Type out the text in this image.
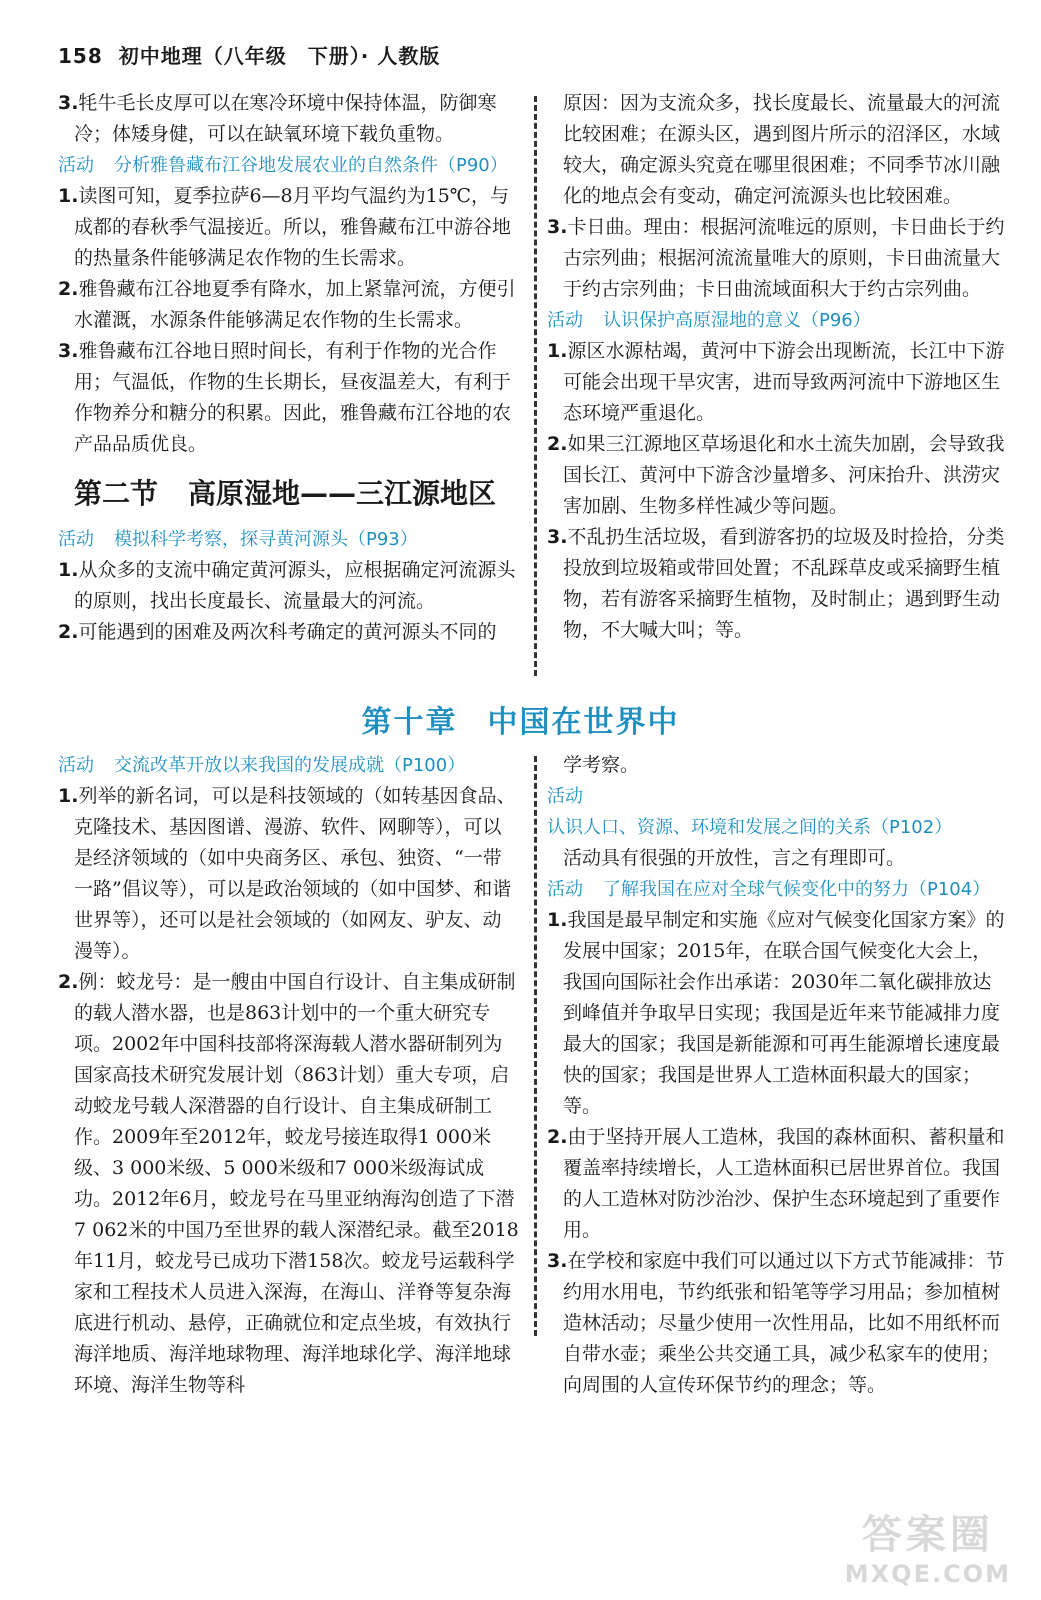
158 初中地理（八年级　下册）· 人教版

3.牦牛毛长皮厚可以在寒冷环境中保持体温，防御寒冷；体矮身健，可以在缺氧环境下载负重物。

活动 分析雅鲁藏布江谷地发展农业的自然条件（P90）

1.读图可知，夏季拉萨6—8月平均气温约为15℃，与成都的春秋季气温接近。所以，雅鲁藏布江中游谷地的热量条件能够满足农作物的生长需求。

2.雅鲁藏布江谷地夏季有降水，加上紧靠河流，方便引水灌溉，水源条件能够满足农作物的生长需求。

3.雅鲁藏布江谷地日照时间长，有利于作物的光合作用；气温低，作物的生长期长，昼夜温差大，有利于作物养分和糖分的积累。因此，雅鲁藏布江谷地的农产品品质优良。

第二节 高原湿地——三江源地区

活动 模拟科学考察，探寻黄河源头（P93）

1.从众多的支流中确定黄河源头，应根据确定河流源头的原则，找出长度最长、流量最大的河流。

2.可能遇到的困难及两次科考确定的黄河源头不同的

原因：因为支流众多，找长度最长、流量最大的河流比较困难；在源头区，遇到图片所示的沼泽区，水域较大，确定源头究竟在哪里很困难；不同季节冰川融化的地点会有变动，确定河流源头也比较困难。

3.卡日曲。理由：根据河流唯远的原则，卡日曲长于约古宗列曲；根据河流流量唯大的原则，卡日曲流量大于约古宗列曲；卡日曲流域面积大于约古宗列曲。

活动 认识保护高原湿地的意义（P96）

1.源区水源枯竭，黄河中下游会出现断流，长江中下游可能会出现干旱灾害，进而导致两河流中下游地区生态环境严重退化。

2.如果三江源地区草场退化和水土流失加剧，会导致我国长江、黄河中下游含沙量增多、河床抬升、洪涝灾害加剧、生物多样性减少等问题。

3.不乱扔生活垃圾，看到游客扔的垃圾及时捡拾，分类投放到垃圾箱或带回处置；不乱踩草皮或采摘野生植物，若有游客采摘野生植物，及时制止；遇到野生动物，不大喊大叫；等。

第十章 中国在世界中

活动 交流改革开放以来我国的发展成就（P100）

1.列举的新名词，可以是科技领域的（如转基因食品、克隆技术、基因图谱、漫游、软件、网聊等），可以是经济领域的（如中央商务区、承包、独资、“一带一路”倡议等），可以是政治领域的（如中国梦、和谐世界等），还可以是社会领域的（如网友、驴友、动漫等）。

2.例：蛟龙号：是一艘由中国自行设计、自主集成研制的载人潜水器，也是863计划中的一个重大研究专项。2002年中国科技部将深海载人潜水器研制列为国家高技术研究发展计划（863计划）重大专项，启动蛟龙号载人深潜器的自行设计、自主集成研制工作。2009年至2012年，蛟龙号接连取得1 000米级、3 000米级、5 000米级和7 000米级海试成功。2012年6月，蛟龙号在马里亚纳海沟创造了下潜7 062米的中国乃至世界的载人深潜纪录。截至2018年11月，蛟龙号已成功下潜158次。蛟龙号运载科学家和工程技术人员进入深海，在海山、洋脊等复杂海底进行机动、悬停，正确就位和定点坐坡，有效执行海洋地质、海洋地球物理、海洋地球化学、海洋地球环境、海洋生物等科

学考察。

活动认识人口、资源、环境和发展之间的关系（P102）

活动具有很强的开放性，言之有理即可。

活动 了解我国在应对全球气候变化中的努力（P104）

1.我国是最早制定和实施《应对气候变化国家方案》的发展中国家；2015年，在联合国气候变化大会上，我国向国际社会作出承诺：2030年二氧化碳排放达到峰值并争取早日实现；我国是近年来节能减排力度最大的国家；我国是新能源和可再生能源增长速度最快的国家；我国是世界人工造林面积最大的国家；等。

2.由于坚持开展人工造林，我国的森林面积、蓄积量和覆盖率持续增长，人工造林面积已居世界首位。我国的人工造林对防沙治沙、保护生态环境起到了重要作用。

3.在学校和家庭中我们可以通过以下方式节能减排：节约用水用电，节约纸张和铅笔等学习用品；参加植树造林活动；尽量少使用一次性用品，比如不用纸杯而自带水壶；乘坐公共交通工具，减少私家车的使用；向周围的人宣传环保节约的理念；等。

答案圈
MXQE.COM
